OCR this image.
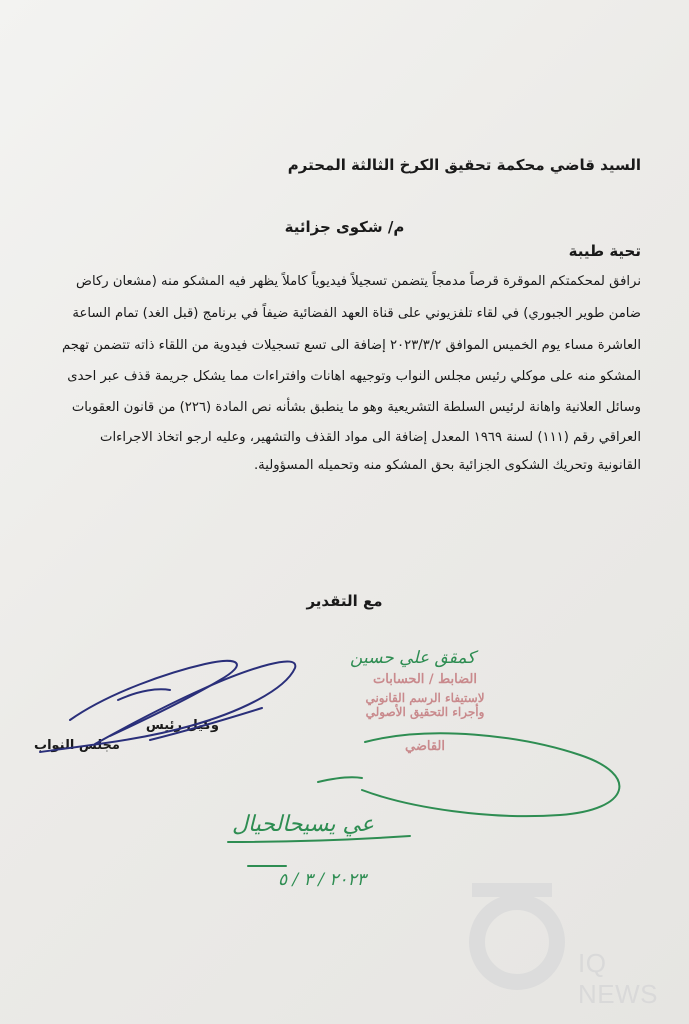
السيد قاضي محكمة تحقيق الكرخ الثالثة المحترم
م/ شكوى جزائية
تحية طيبة
نرافق لمحكمتكم الموقرة قرصاً مدمجاً يتضمن تسجيلاً فيديوياً كاملاً يظهر فيه المشكو منه (مشعان ركاض
ضامن طوير الجبوري) في لقاء تلفزيوني على قناة العهد الفضائية ضيفاً في برنامج (قبل الغد) تمام الساعة
العاشرة مساء يوم الخميس الموافق ٢٠٢٣/٣/٢ إضافة الى تسع تسجيلات فيدوية من اللقاء ذاته تتضمن تهجم
المشكو منه على موكلي رئيس مجلس النواب وتوجيهه اهانات وافتراءات مما يشكل جريمة قذف عبر احدى
وسائل العلانية واهانة لرئيس السلطة التشريعية وهو ما ينطبق بشأنه نص المادة (٢٢٦) من قانون العقوبات
العراقي رقم (١١١) لسنة ١٩٦٩ المعدل إضافة الى مواد القذف والتشهير، وعليه ارجو اتخاذ الاجراءات
القانونية وتحريك الشكوى الجزائية بحق المشكو منه وتحميله المسؤولية.
مع التقدير
وكيل رئيس
مجلس النواب
الضابط / الحسابات
لاستيفاء الرسم القانوني
وأجراء التحقيق الأصولي
القاضي
كمقق علي حسين
عي يسيحالحيال
٢٠٢٣ / ٣ / ٥
IQ NEWS
